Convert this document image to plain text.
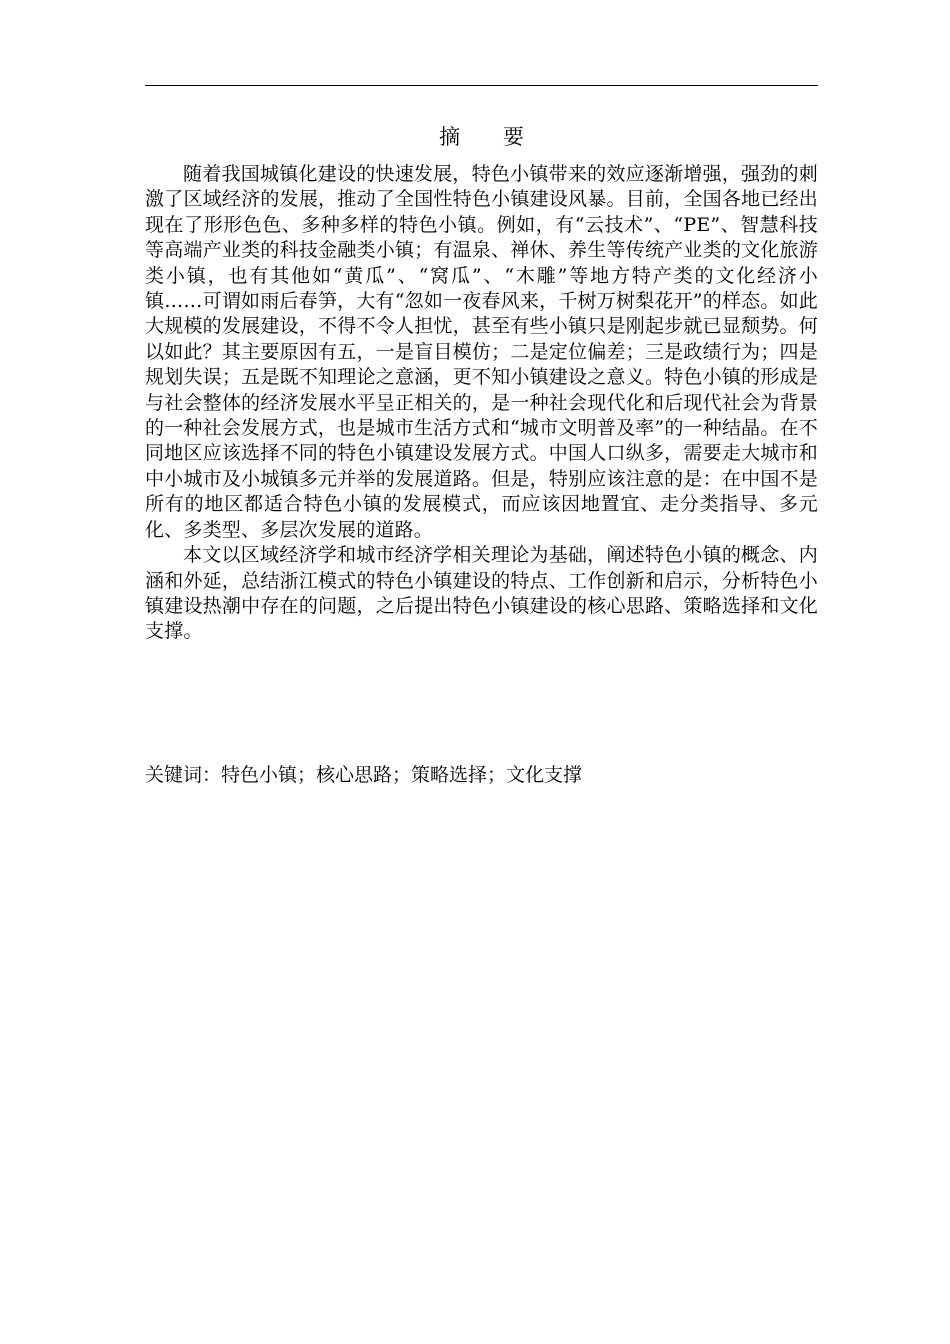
摘 要

随着我国城镇化建设的快速发展，特色小镇带来的效应逐渐增强，强劲的刺激了区域经济的发展，推动了全国性特色小镇建设风暴。目前，全国各地已经出现在了形形色色、多种多样的特色小镇。例如，有“云技术”、“PE”、智慧科技等高端产业类的科技金融类小镇；有温泉、禅休、养生等传统产业类的文化旅游类小镇，也有其他如“黄瓜”、“窝瓜”、“木雕”等地方特产类的文化经济小镇……可谓如雨后春笋，大有“忽如一夜春风来，千树万树梨花开”的样态。如此大规模的发展建设，不得不令人担忧，甚至有些小镇只是刚起步就已显颓势。何以如此？其主要原因有五，一是盲目模仿；二是定位偏差；三是政绩行为；四是规划失误；五是既不知理论之意涵，更不知小镇建设之意义。特色小镇的形成是与社会整体的经济发展水平呈正相关的，是一种社会现代化和后现代社会为背景的一种社会发展方式，也是城市生活方式和“城市文明普及率”的一种结晶。在不同地区应该选择不同的特色小镇建设发展方式。中国人口纵多，需要走大城市和中小城市及小城镇多元并举的发展道路。但是，特别应该注意的是：在中国不是所有的地区都适合特色小镇的发展模式，而应该因地置宜、走分类指导、多元化、多类型、多层次发展的道路。

本文以区域经济学和城市经济学相关理论为基础，阐述特色小镇的概念、内涵和外延，总结浙江模式的特色小镇建设的特点、工作创新和启示，分析特色小镇建设热潮中存在的问题，之后提出特色小镇建设的核心思路、策略选择和文化支撑。

关键词：特色小镇；核心思路；策略选择；文化支撑
